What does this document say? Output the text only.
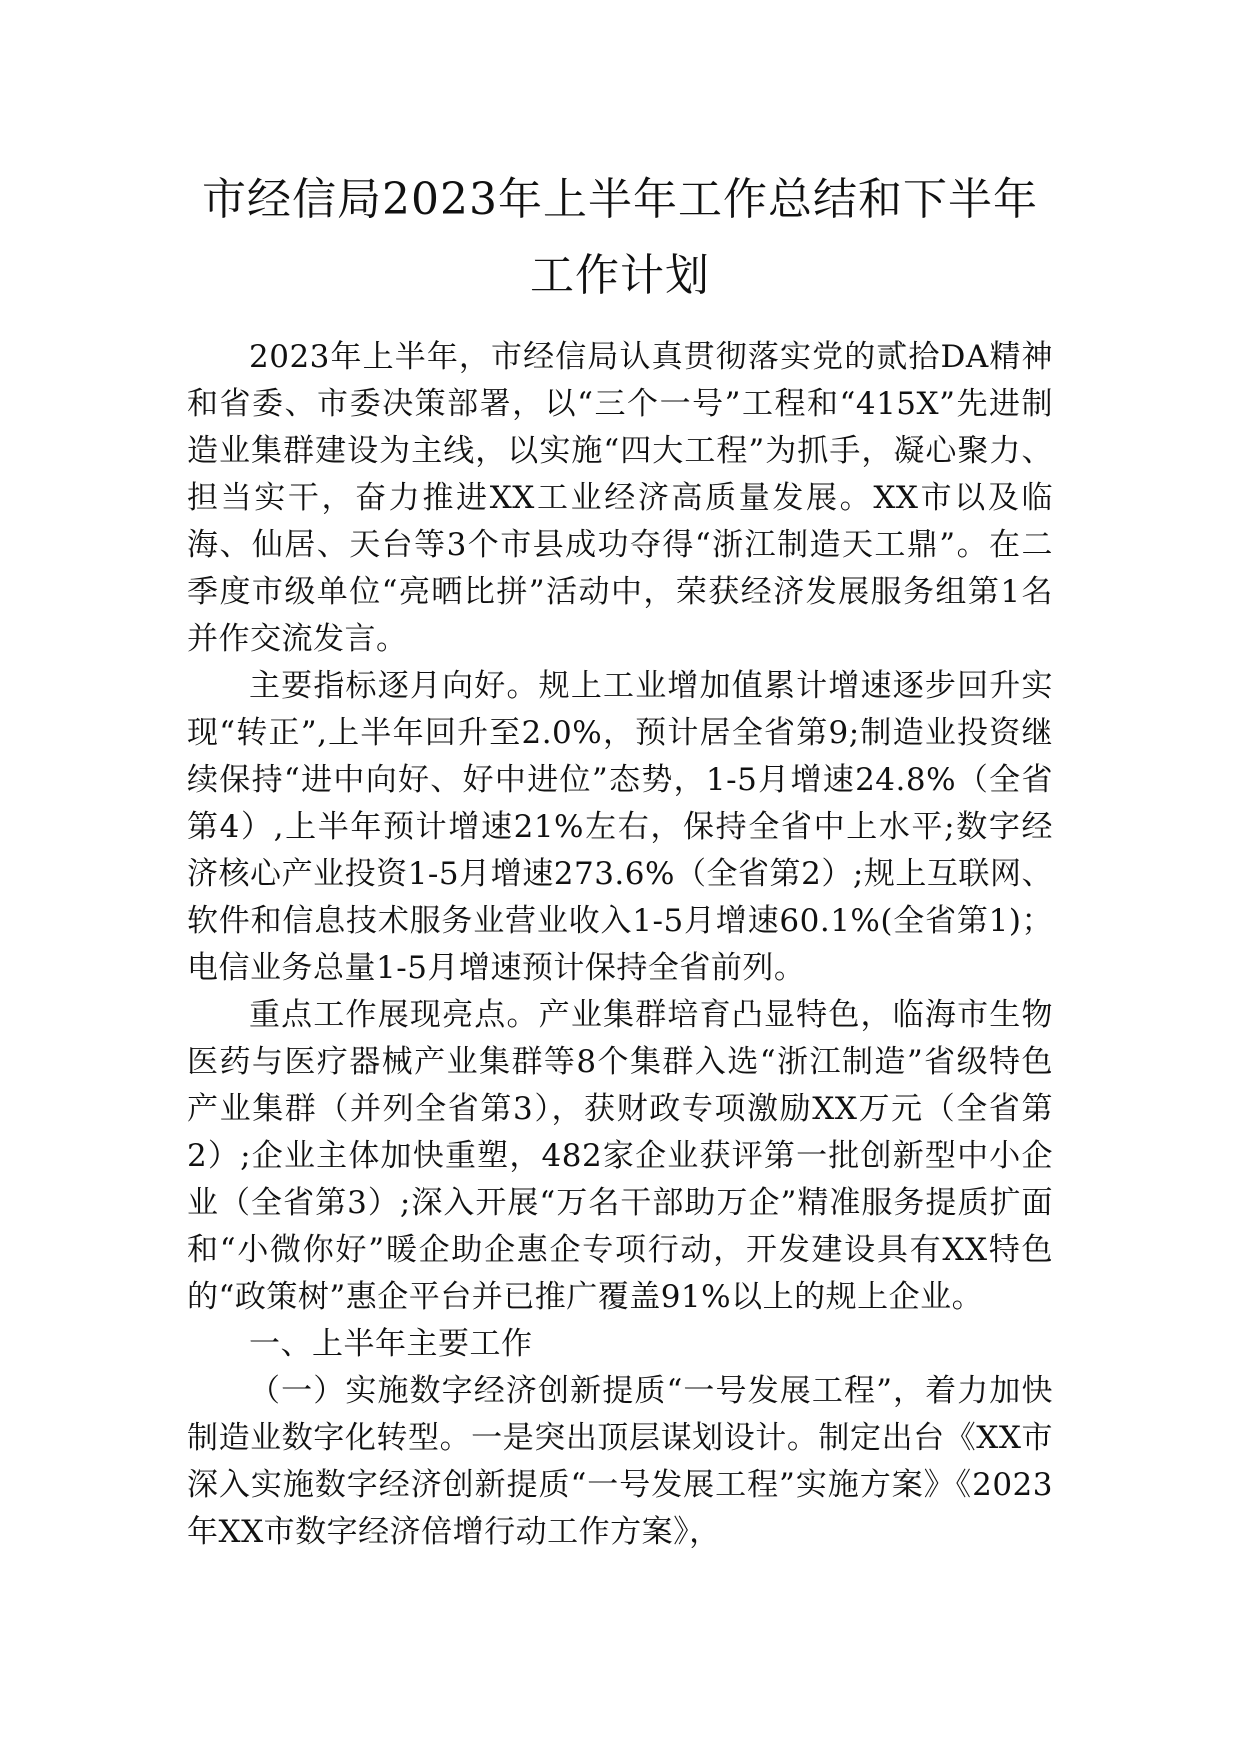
市经信局2023年上半年工作总结和下半年
工作计划

2023年上半年，市经信局认真贯彻落实党的贰拾DA精神和省委、市委决策部署，以“三个一号”工程和“415X”先进制造业集群建设为主线，以实施“四大工程”为抓手，凝心聚力、担当实干，奋力推进XX工业经济高质量发展。XX市以及临海、仙居、天台等3个市县成功夺得“浙江制造天工鼎”。在二季度市级单位“亮晒比拼”活动中，荣获经济发展服务组第1名并作交流发言。

主要指标逐月向好。规上工业增加值累计增速逐步回升实现“转正”,上半年回升至2.0%，预计居全省第9;制造业投资继续保持“进中向好、好中进位”态势，1-5月增速24.8%（全省第4）,上半年预计增速21%左右，保持全省中上水平;数字经济核心产业投资1-5月增速273.6%（全省第2）;规上互联网、软件和信息技术服务业营业收入1-5月增速60.1%(全省第1)；电信业务总量1-5月增速预计保持全省前列。

重点工作展现亮点。产业集群培育凸显特色，临海市生物医药与医疗器械产业集群等8个集群入选“浙江制造”省级特色产业集群（并列全省第3），获财政专项激励XX万元（全省第2）;企业主体加快重塑，482家企业获评第一批创新型中小企业（全省第3）;深入开展“万名干部助万企”精准服务提质扩面和“小微你好”暖企助企惠企专项行动，开发建设具有XX特色的“政策树”惠企平台并已推广覆盖91%以上的规上企业。

一、上半年主要工作

（一）实施数字经济创新提质“一号发展工程”，着力加快制造业数字化转型。一是突出顶层谋划设计。制定出台《XX市深入实施数字经济创新提质“一号发展工程”实施方案》《2023年XX市数字经济倍增行动工作方案》，
